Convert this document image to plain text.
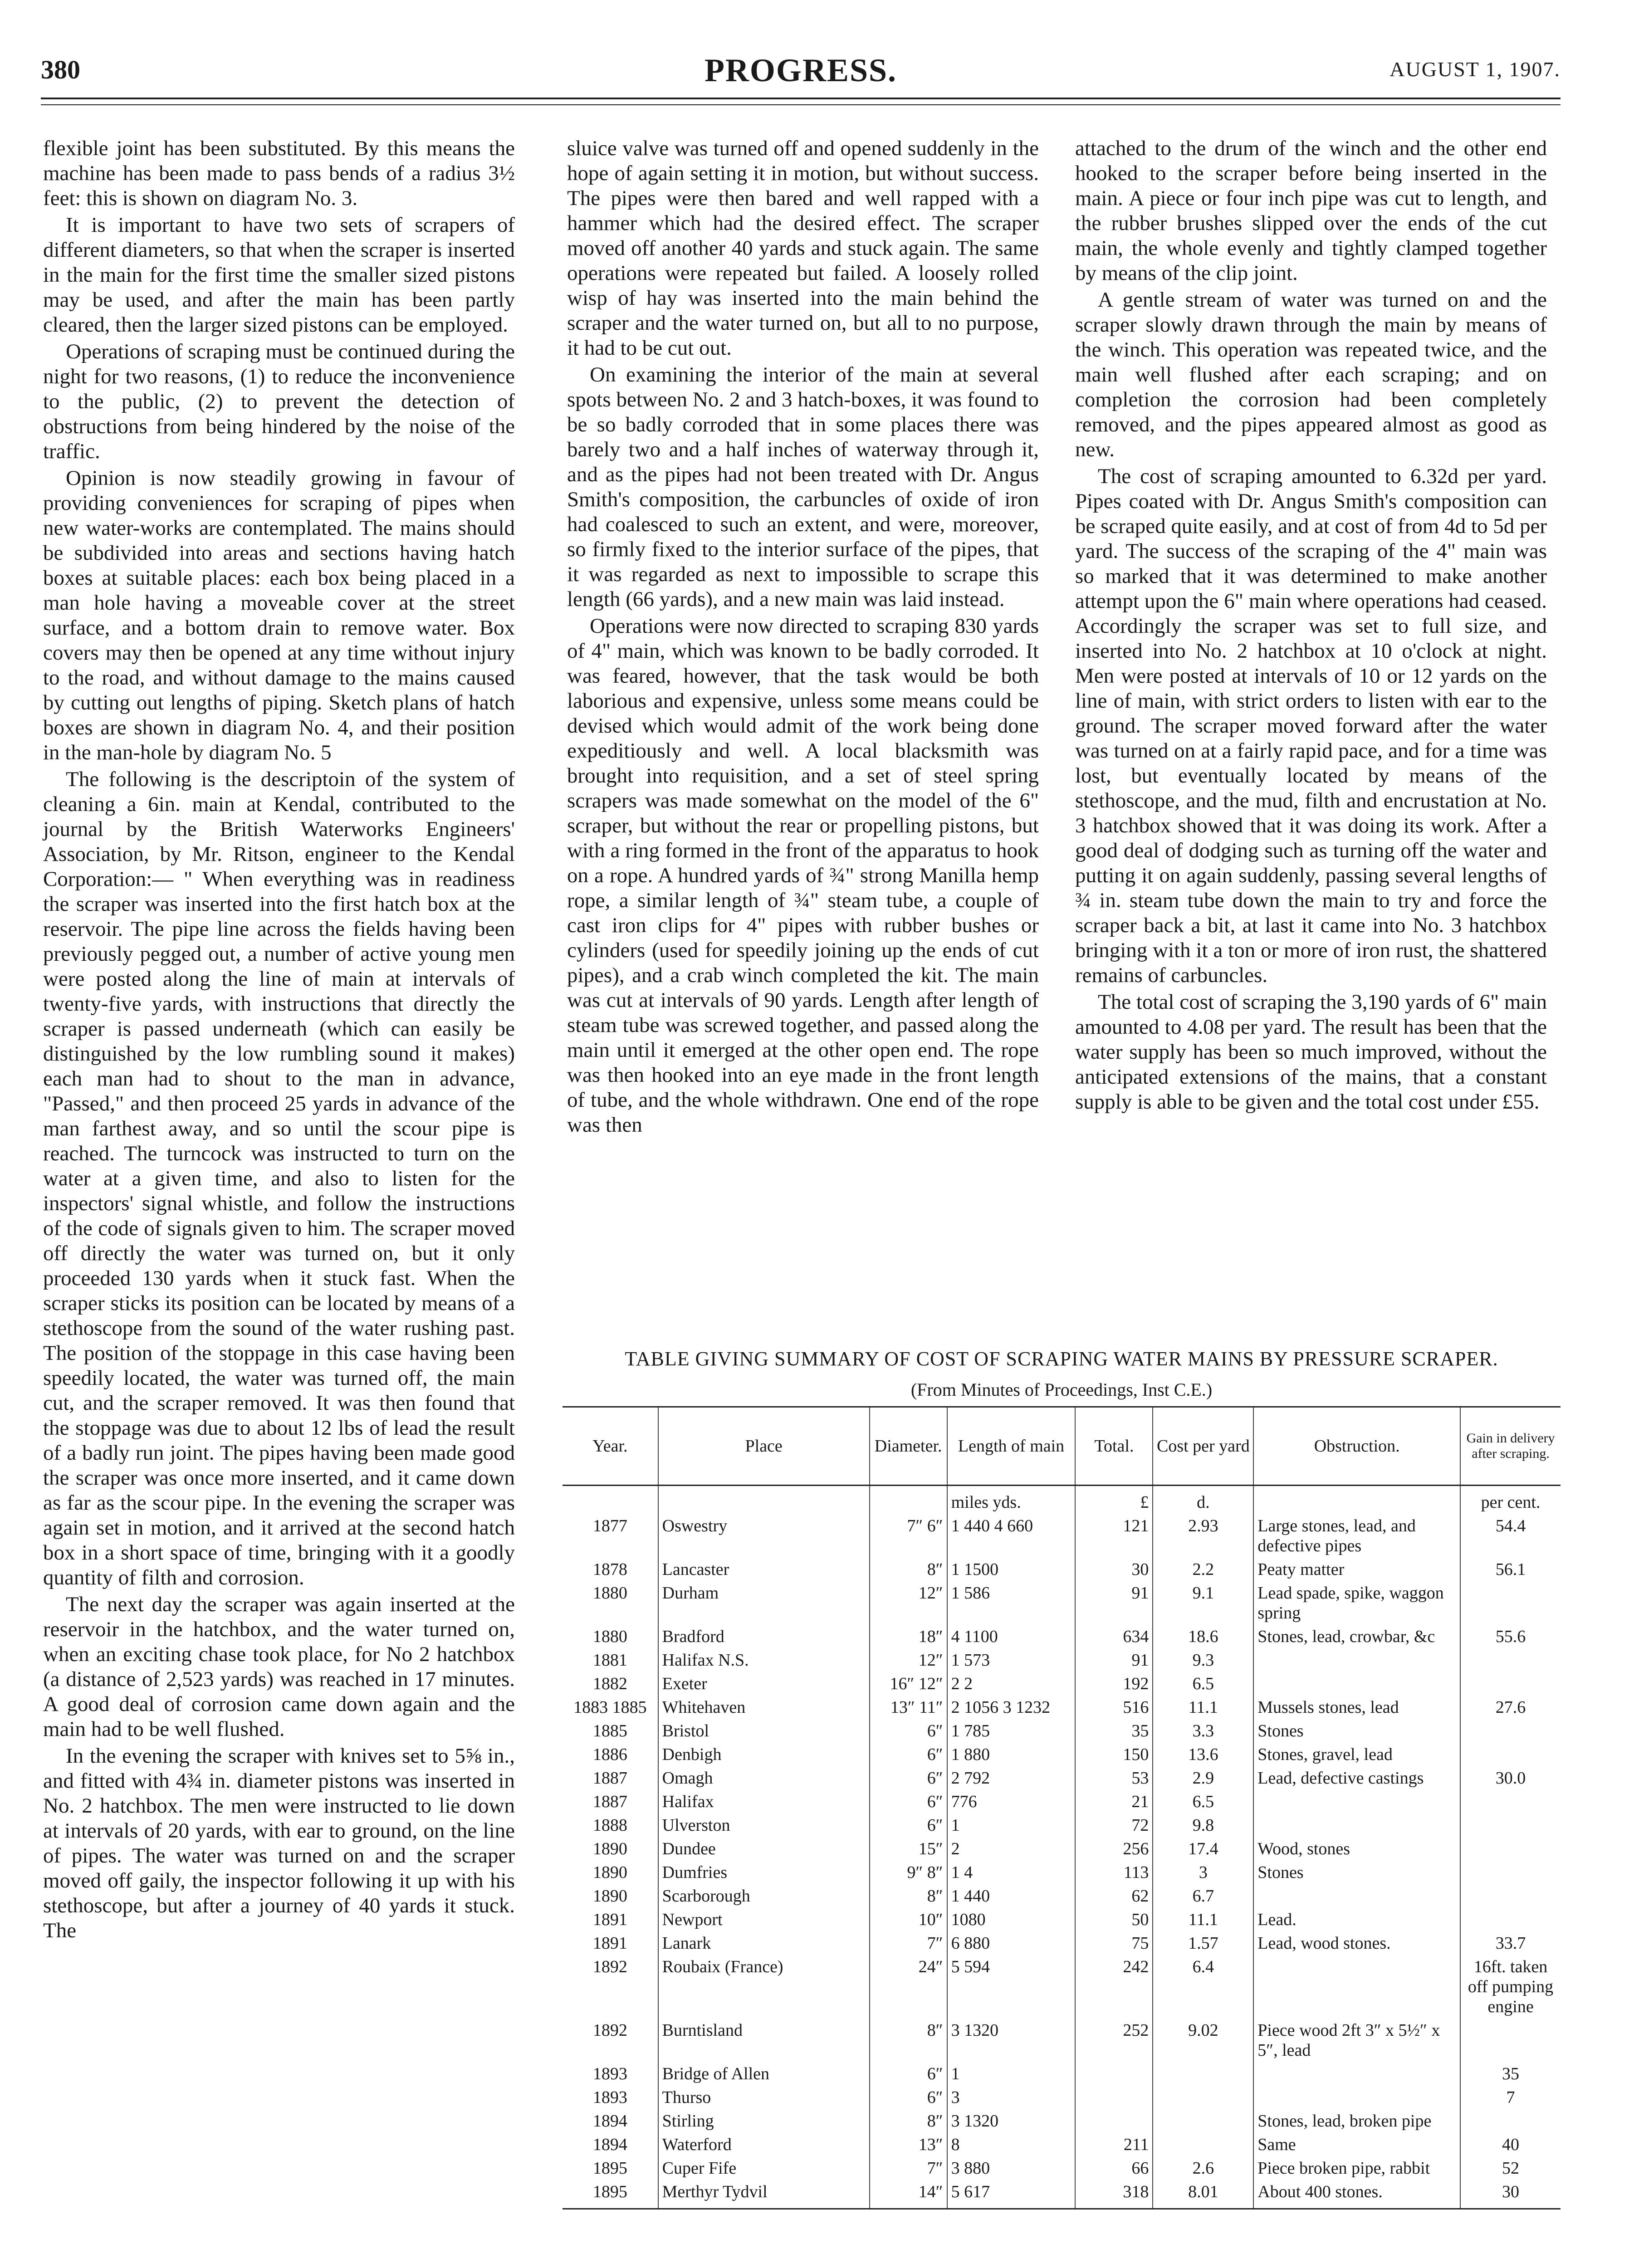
380	PROGRESS.	AUGUST 1, 1907.

flexible joint has been substituted. By this means the machine has been made to pass bends of a radius 3½ feet: this is shown on diagram No. 3.

It is important to have two sets of scrapers of different diameters, so that when the scraper is inserted in the main for the first time the smaller sized pistons may be used, and after the main has been partly cleared, then the larger sized pistons can be employed.

Operations of scraping must be continued during the night for two reasons, (1) to reduce the inconvenience to the public, (2) to prevent the detection of obstructions from being hindered by the noise of the traffic.

Opinion is now steadily growing in favour of providing conveniences for scraping of pipes when new water-works are contemplated. The mains should be subdivided into areas and sections having hatch boxes at suitable places: each box being placed in a man hole having a moveable cover at the street surface, and a bottom drain to remove water. Box covers may then be opened at any time without injury to the road, and without damage to the mains caused by cutting out lengths of piping. Sketch plans of hatch boxes are shown in diagram No. 4, and their position in the man-hole by diagram No. 5

The following is the descriptoin of the system of cleaning a 6in. main at Kendal, contributed to the journal by the British Waterworks Engineers' Association, by Mr. Ritson, engineer to the Kendal Corporation:— " When everything was in readiness the scraper was inserted into the first hatch box at the reservoir. The pipe line across the fields having been previously pegged out, a number of active young men were posted along the line of main at intervals of twenty-five yards, with instructions that directly the scraper is passed underneath (which can easily be distinguished by the low rumbling sound it makes) each man had to shout to the man in advance, "Passed," and then proceed 25 yards in advance of the man farthest away, and so until the scour pipe is reached. The turncock was instructed to turn on the water at a given time, and also to listen for the inspectors' signal whistle, and follow the instructions of the code of signals given to him. The scraper moved off directly the water was turned on, but it only proceeded 130 yards when it stuck fast. When the scraper sticks its position can be located by means of a stethoscope from the sound of the water rushing past. The position of the stoppage in this case having been speedily located, the water was turned off, the main cut, and the scraper removed. It was then found that the stoppage was due to about 12 lbs of lead the result of a badly run joint. The pipes having been made good the scraper was once more inserted, and it came down as far as the scour pipe. In the evening the scraper was again set in motion, and it arrived at the second hatch box in a short space of time, bringing with it a goodly quantity of filth and corrosion.

The next day the scraper was again inserted at the reservoir in the hatchbox, and the water turned on, when an exciting chase took place, for No 2 hatchbox (a distance of 2,523 yards) was reached in 17 minutes. A good deal of corrosion came down again and the main had to be well flushed.

In the evening the scraper with knives set to 5⅝ in., and fitted with 4¾ in. diameter pistons was inserted in No. 2 hatchbox. The men were instructed to lie down at intervals of 20 yards, with ear to ground, on the line of pipes. The water was turned on and the scraper moved off gaily, the inspector following it up with his stethoscope, but after a journey of 40 yards it stuck. The

sluice valve was turned off and opened suddenly in the hope of again setting it in motion, but without success. The pipes were then bared and well rapped with a hammer which had the desired effect. The scraper moved off another 40 yards and stuck again. The same operations were repeated but failed. A loosely rolled wisp of hay was inserted into the main behind the scraper and the water turned on, but all to no purpose, it had to be cut out.

On examining the interior of the main at several spots between No. 2 and 3 hatch-boxes, it was found to be so badly corroded that in some places there was barely two and a half inches of waterway through it, and as the pipes had not been treated with Dr. Angus Smith's composition, the carbuncles of oxide of iron had coalesced to such an extent, and were, moreover, so firmly fixed to the interior surface of the pipes, that it was regarded as next to impossible to scrape this length (66 yards), and a new main was laid instead.

Operations were now directed to scraping 830 yards of 4" main, which was known to be badly corroded. It was feared, however, that the task would be both laborious and expensive, unless some means could be devised which would admit of the work being done expeditiously and well. A local blacksmith was brought into requisition, and a set of steel spring scrapers was made somewhat on the model of the 6" scraper, but without the rear or propelling pistons, but with a ring formed in the front of the apparatus to hook on a rope. A hundred yards of ¾" strong Manilla hemp rope, a similar length of ¾" steam tube, a couple of cast iron clips for 4" pipes with rubber bushes or cylinders (used for speedily joining up the ends of cut pipes), and a crab winch completed the kit. The main was cut at intervals of 90 yards. Length after length of steam tube was screwed together, and passed along the main until it emerged at the other open end. The rope was then hooked into an eye made in the front length of tube, and the whole withdrawn. One end of the rope was then

attached to the drum of the winch and the other end hooked to the scraper before being inserted in the main. A piece or four inch pipe was cut to length, and the rubber brushes slipped over the ends of the cut main, the whole evenly and tightly clamped together by means of the clip joint.

A gentle stream of water was turned on and the scraper slowly drawn through the main by means of the winch. This operation was repeated twice, and the main well flushed after each scraping; and on completion the corrosion had been completely removed, and the pipes appeared almost as good as new.

The cost of scraping amounted to 6.32d per yard. Pipes coated with Dr. Angus Smith's composition can be scraped quite easily, and at cost of from 4d to 5d per yard. The success of the scraping of the 4" main was so marked that it was determined to make another attempt upon the 6" main where operations had ceased. Accordingly the scraper was set to full size, and inserted into No. 2 hatchbox at 10 o'clock at night. Men were posted at intervals of 10 or 12 yards on the line of main, with strict orders to listen with ear to the ground. The scraper moved forward after the water was turned on at a fairly rapid pace, and for a time was lost, but eventually located by means of the stethoscope, and the mud, filth and encrustation at No. 3 hatchbox showed that it was doing its work. After a good deal of dodging such as turning off the water and putting it on again suddenly, passing several lengths of ¾ in. steam tube down the main to try and force the scraper back a bit, at last it came into No. 3 hatchbox bringing with it a ton or more of iron rust, the shattered remains of carbuncles.

The total cost of scraping the 3,190 yards of 6" main amounted to 4.08 per yard. The result has been that the water supply has been so much improved, without the anticipated extensions of the mains, that a constant supply is able to be given and the total cost under £55.

TABLE GIVING SUMMARY OF COST OF SCRAPING WATER MAINS BY PRESSURE SCRAPER.
(From Minutes of Proceedings, Inst C.E.)
Year.	Place	Diameter.	Length of main	Total.	Cost per yard	Obstruction.	Gain in delivery after scraping.
			miles yds.	£	d.		per cent.
1877	Oswestry	7″ 6″	1 440 4 660	121	2.93	Large stones, lead, and defective pipes	54.4
1878	Lancaster	8″	1 1500	30	2.2	Peaty matter	56.1
1880	Durham	12″	1 586	91	9.1	Lead spade, spike, waggon spring	
1880	Bradford	18″	4 1100	634	18.6	Stones, lead, crowbar, &c	55.6
1881	Halifax N.S.	12″	1 573	91	9.3		
1882	Exeter	16″ 12″	2 2	192	6.5		
1883 1885	Whitehaven	13″ 11″	2 1056 3 1232	516	11.1	Mussels stones, lead	27.6
1885	Bristol	6″	1 785	35	3.3	Stones	
1886	Denbigh	6″	1 880	150	13.6	Stones, gravel, lead	
1887	Omagh	6″	2 792	53	2.9	Lead, defective castings	30.0
1887	Halifax	6″	776	21	6.5		
1888	Ulverston	6″	1	72	9.8		
1890	Dundee	15″	2	256	17.4	Wood, stones	
1890	Dumfries	9″ 8″	1 4	113	3	Stones	
1890	Scarborough	8″	1 440	62	6.7		
1891	Newport	10″	1080	50	11.1	Lead.	
1891	Lanark	7″	6 880	75	1.57	Lead, wood stones.	33.7
1892	Roubaix (France)	24″	5 594	242	6.4		16ft. taken off pumping engine
1892	Burntisland	8″	3 1320	252	9.02	Piece wood 2ft 3″ x 5½″ x 5″, lead	
1893	Bridge of Allen	6″	1				35
1893	Thurso	6″	3				7
1894	Stirling	8″	3 1320			Stones, lead, broken pipe	
1894	Waterford	13″	8	211		Same	40
1895	Cuper Fife	7″	3 880	66	2.6	Piece broken pipe, rabbit	52
1895	Merthyr Tydvil	14″	5 617	318	8.01	About 400 stones.	30
